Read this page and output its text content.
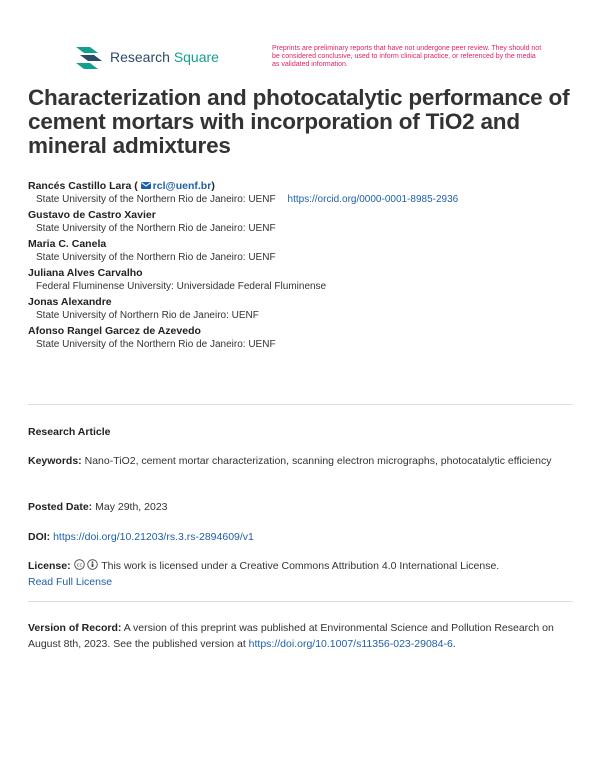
Research Square
Preprints are preliminary reports that have not undergone peer review. They should not be considered conclusive, used to inform clinical practice, or referenced by the media as validated information.
Characterization and photocatalytic performance of cement mortars with incorporation of TiO2 and mineral admixtures
Rancés Castillo Lara ( rcl@uenf.br)
State University of the Northern Rio de Janeiro: UENF https://orcid.org/0000-0001-8985-2936
Gustavo de Castro Xavier
State University of the Northern Rio de Janeiro: UENF
Maria C. Canela
State University of the Northern Rio de Janeiro: UENF
Juliana Alves Carvalho
Federal Fluminense University: Universidade Federal Fluminense
Jonas Alexandre
State University of Northern Rio de Janeiro: UENF
Afonso Rangel Garcez de Azevedo
State University of the Northern Rio de Janeiro: UENF
Research Article
Keywords: Nano-TiO2, cement mortar characterization, scanning electron micrographs, photocatalytic efficiency
Posted Date: May 29th, 2023
DOI: https://doi.org/10.21203/rs.3.rs-2894609/v1
License: cc This work is licensed under a Creative Commons Attribution 4.0 International License.
Read Full License
Version of Record: A version of this preprint was published at Environmental Science and Pollution Research on August 8th, 2023. See the published version at https://doi.org/10.1007/s11356-023-29084-6.
